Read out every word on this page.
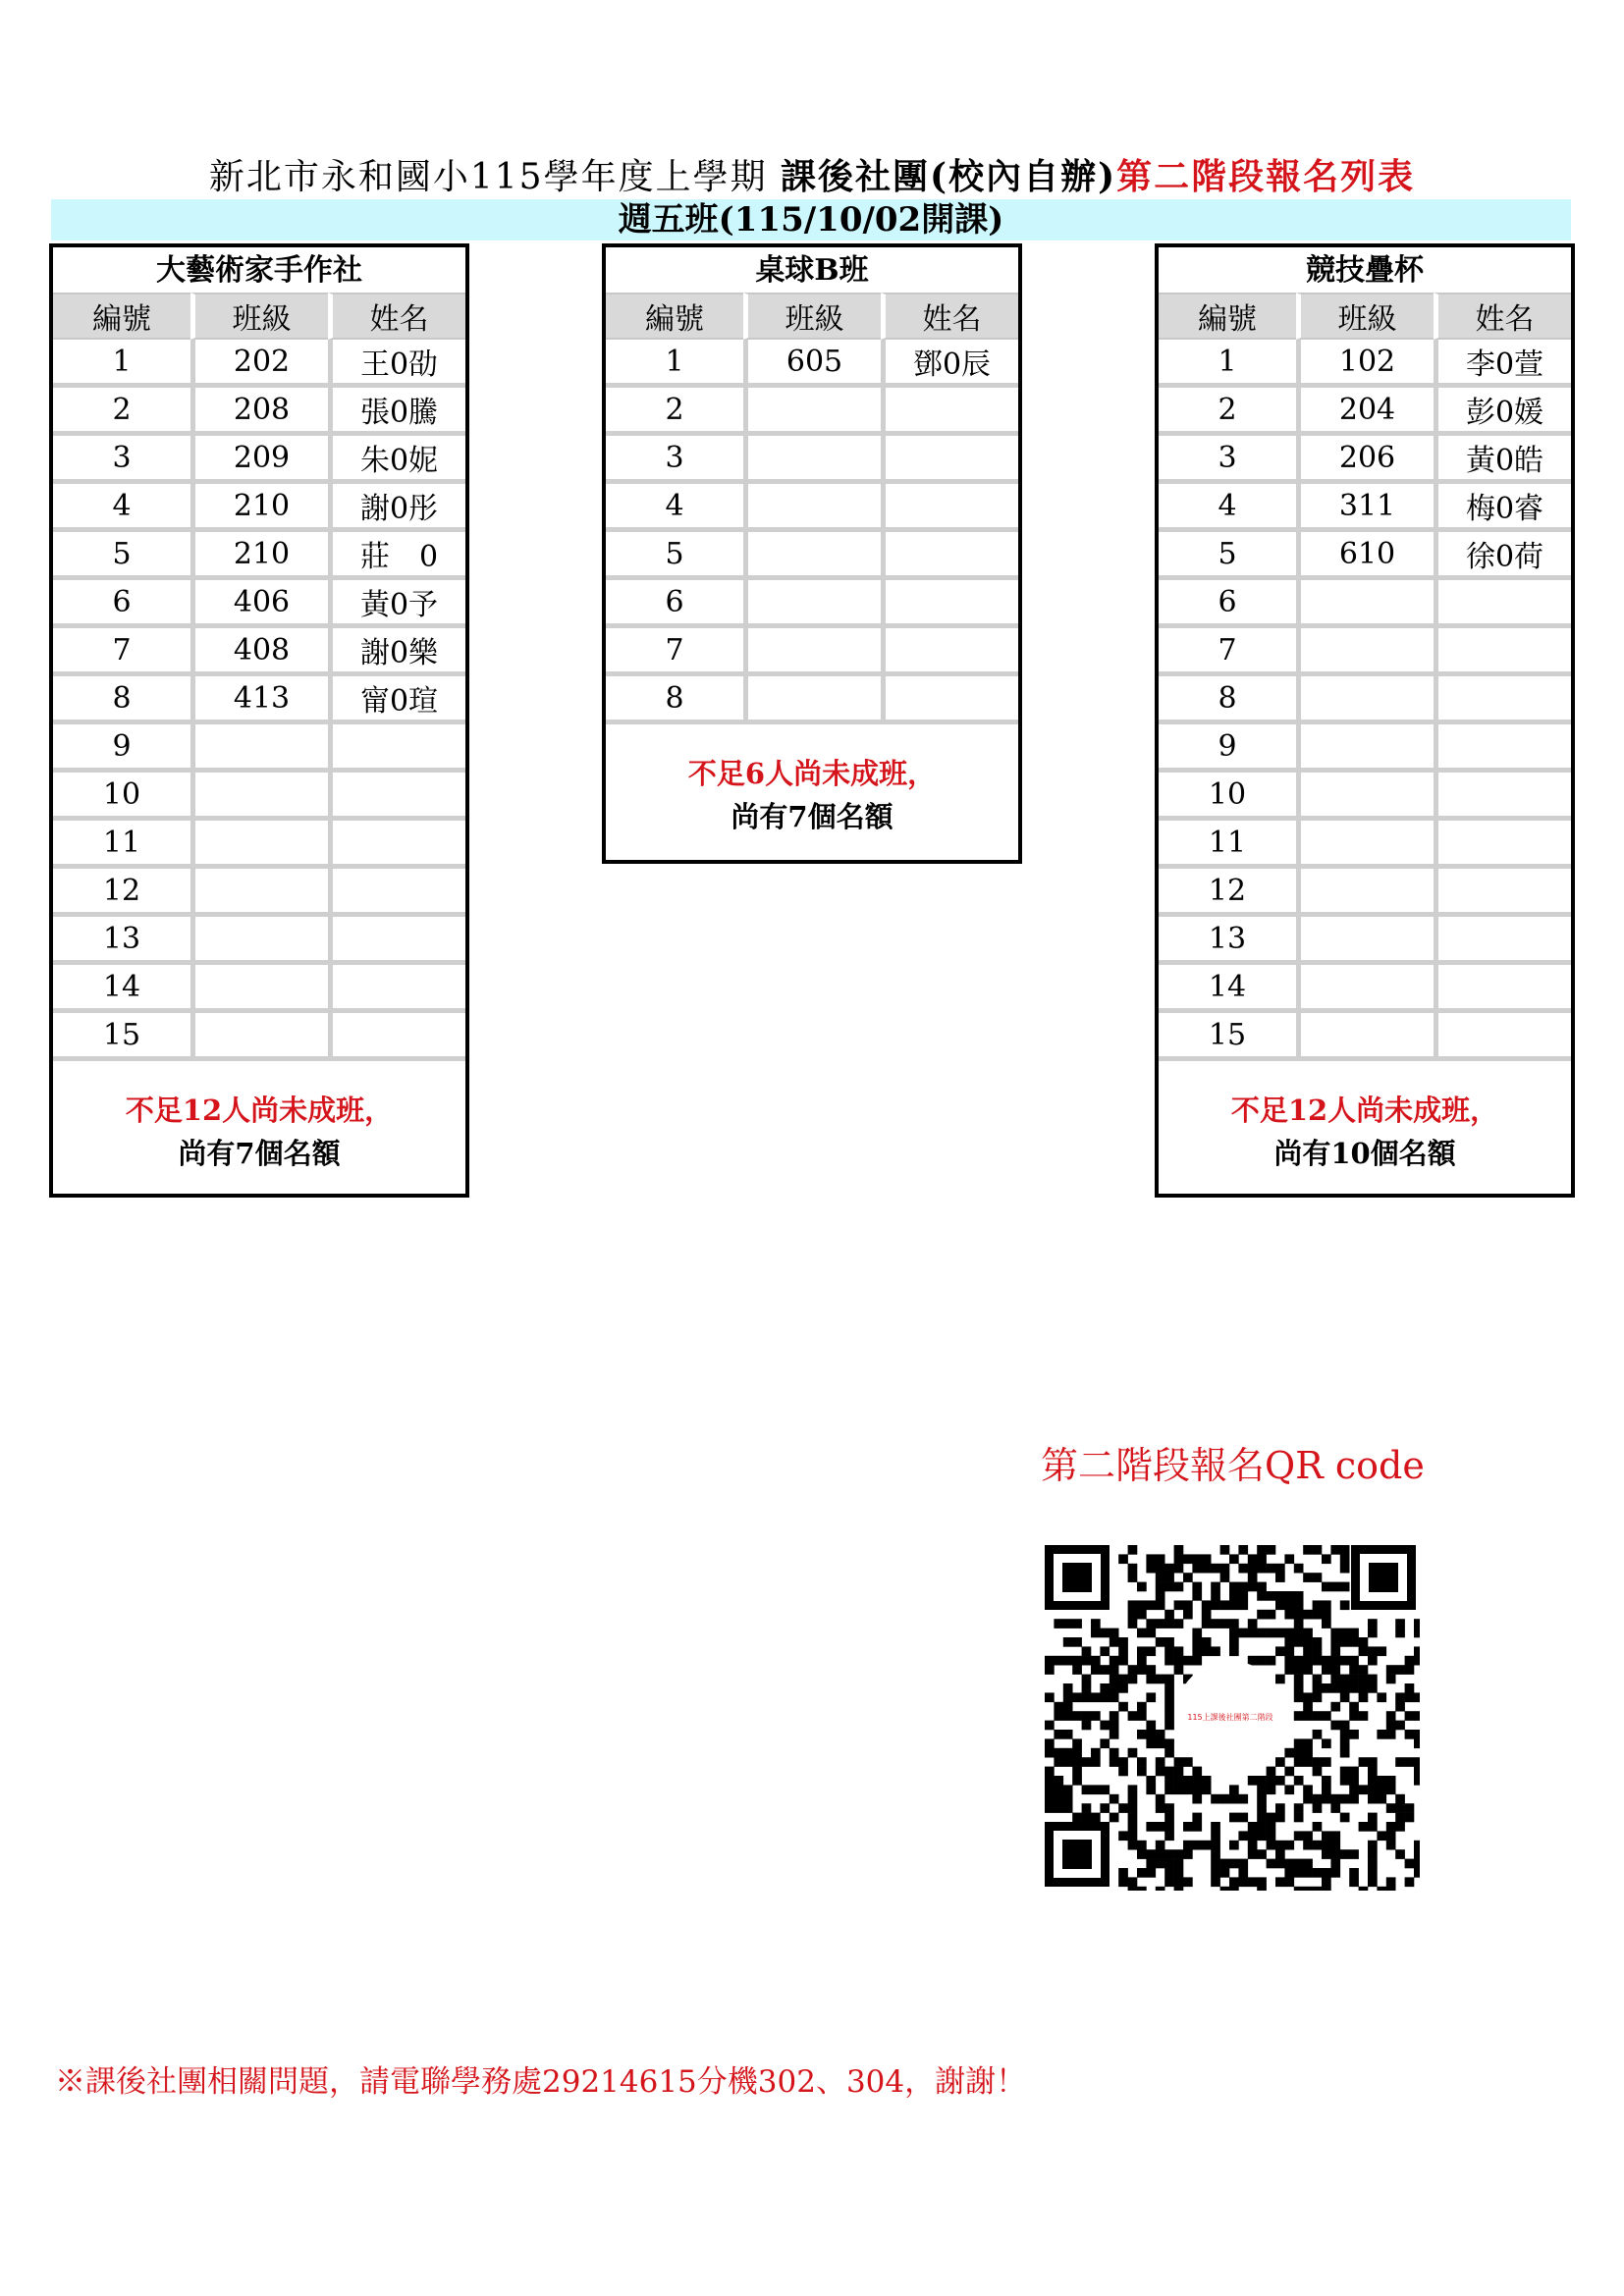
新北市永和國小115學年度上學期 課後社團(校內自辦)第二階段報名列表
週五班(115/10/02開課)
大藝術家手作社
編號	班級	姓名
1	202	王0劭
2	208	張0騰
3	209	朱0妮
4	210	謝0彤
5	210	莊　0
6	406	黃0予
7	408	謝0樂
8	413	甯0瑄
9		
10		
11		
12		
13		
14		
15		
不足12人尚未成班，
尚有7個名額
桌球B班
編號	班級	姓名
1	605	鄧0辰
2		
3		
4		
5		
6		
7		
8		
不足6人尚未成班，
尚有7個名額
競技疊杯
編號	班級	姓名
1	102	李0萱
2	204	彭0媛
3	206	黃0皓
4	311	梅0睿
5	610	徐0荷
6		
7		
8		
9		
10		
11		
12		
13		
14		
15		
不足12人尚未成班，
尚有10個名額
第二階段報名QR code
115上課後社團第二階段
※課後社團相關問題，請電聯學務處29214615分機302、304，謝謝！
